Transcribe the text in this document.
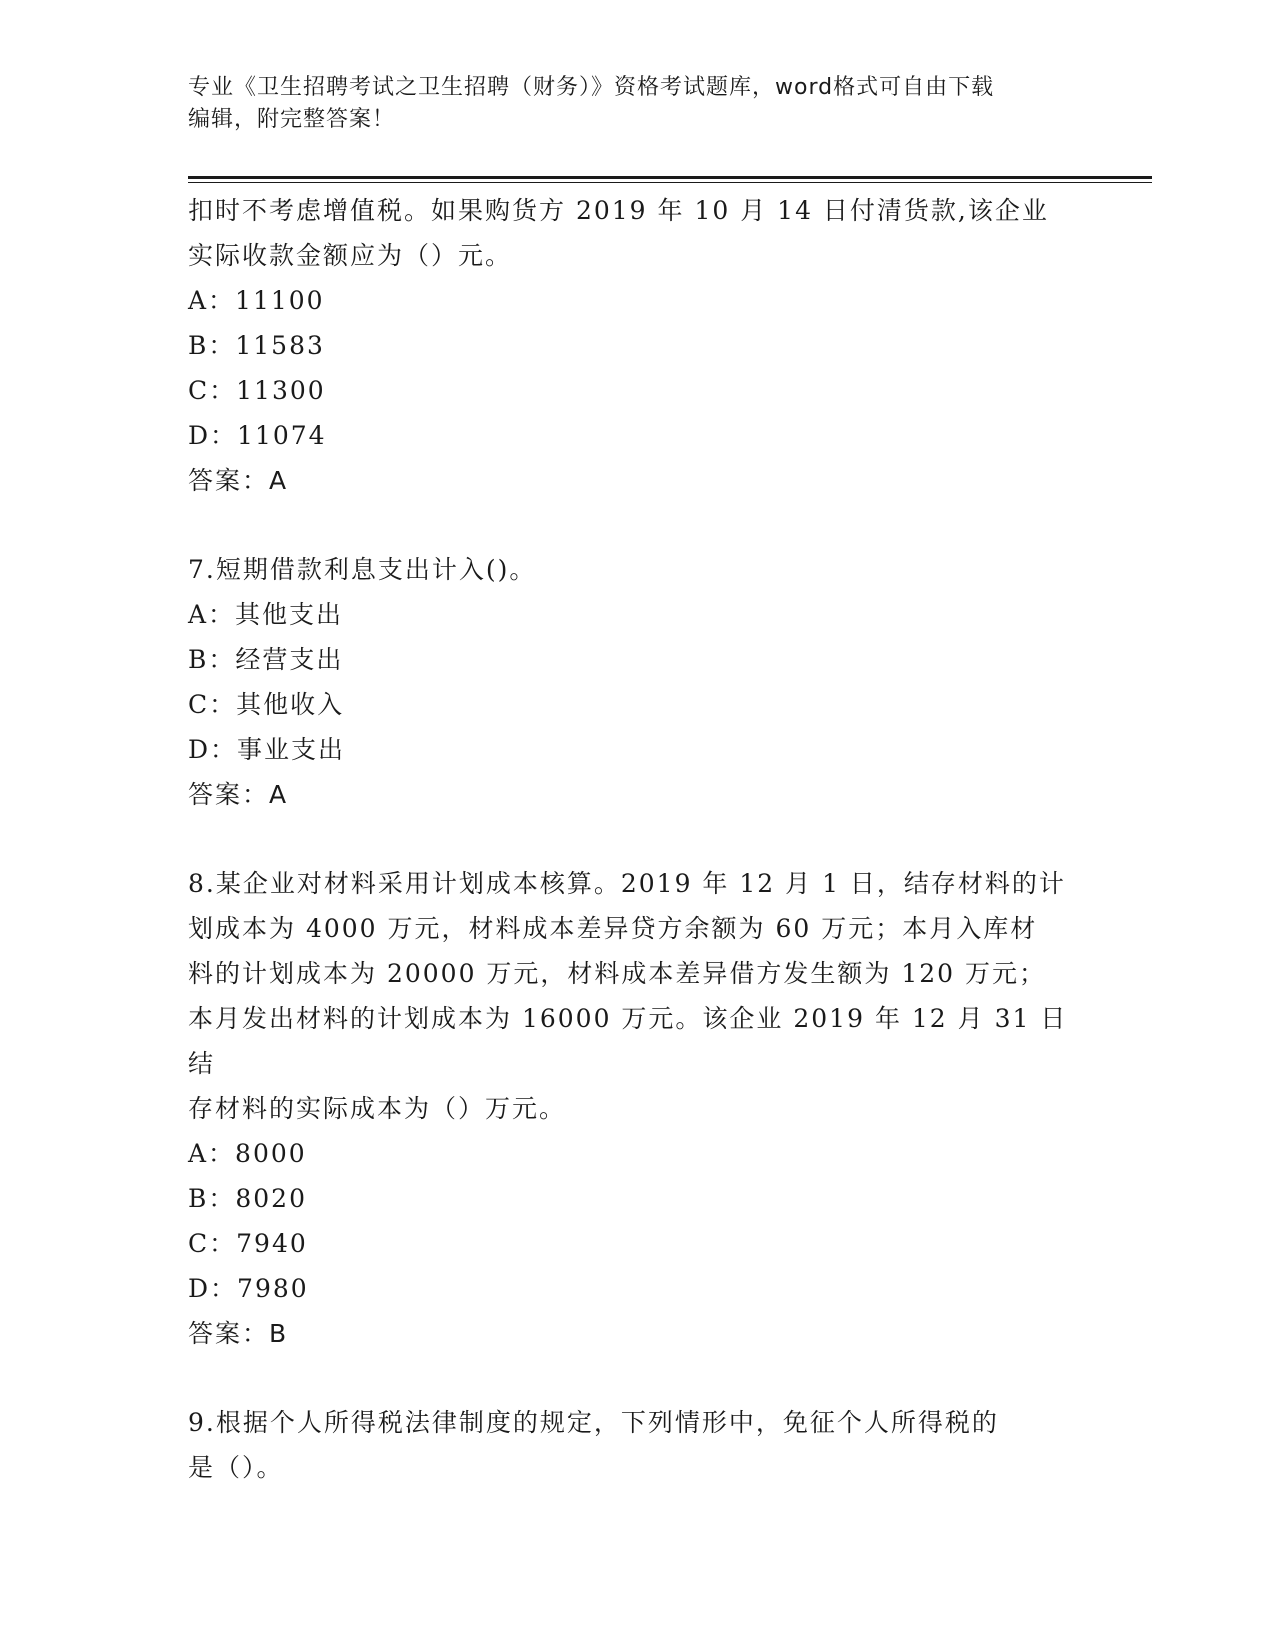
专业《卫生招聘考试之卫生招聘（财务）》资格考试题库，word格式可自由下载
编辑，附完整答案！

扣时不考虑增值税。如果购货方 2019 年 10 月 14 日付清货款,该企业

实际收款金额应为（）元。

A：11100

B：11583

C：11300

D：11074

答案：A

7.短期借款利息支出计入()。

A：其他支出

B：经营支出

C：其他收入

D：事业支出

答案：A

8.某企业对材料采用计划成本核算。2019 年 12 月 1 日，结存材料的计

划成本为 4000 万元，材料成本差异贷方余额为 60 万元；本月入库材

料的计划成本为 20000 万元，材料成本差异借方发生额为 120 万元；

本月发出材料的计划成本为 16000 万元。该企业 2019 年 12 月 31 日结

存材料的实际成本为（）万元。

A：8000

B：8020

C：7940

D：7980

答案：B

9.根据个人所得税法律制度的规定，下列情形中，免征个人所得税的

是（）。
